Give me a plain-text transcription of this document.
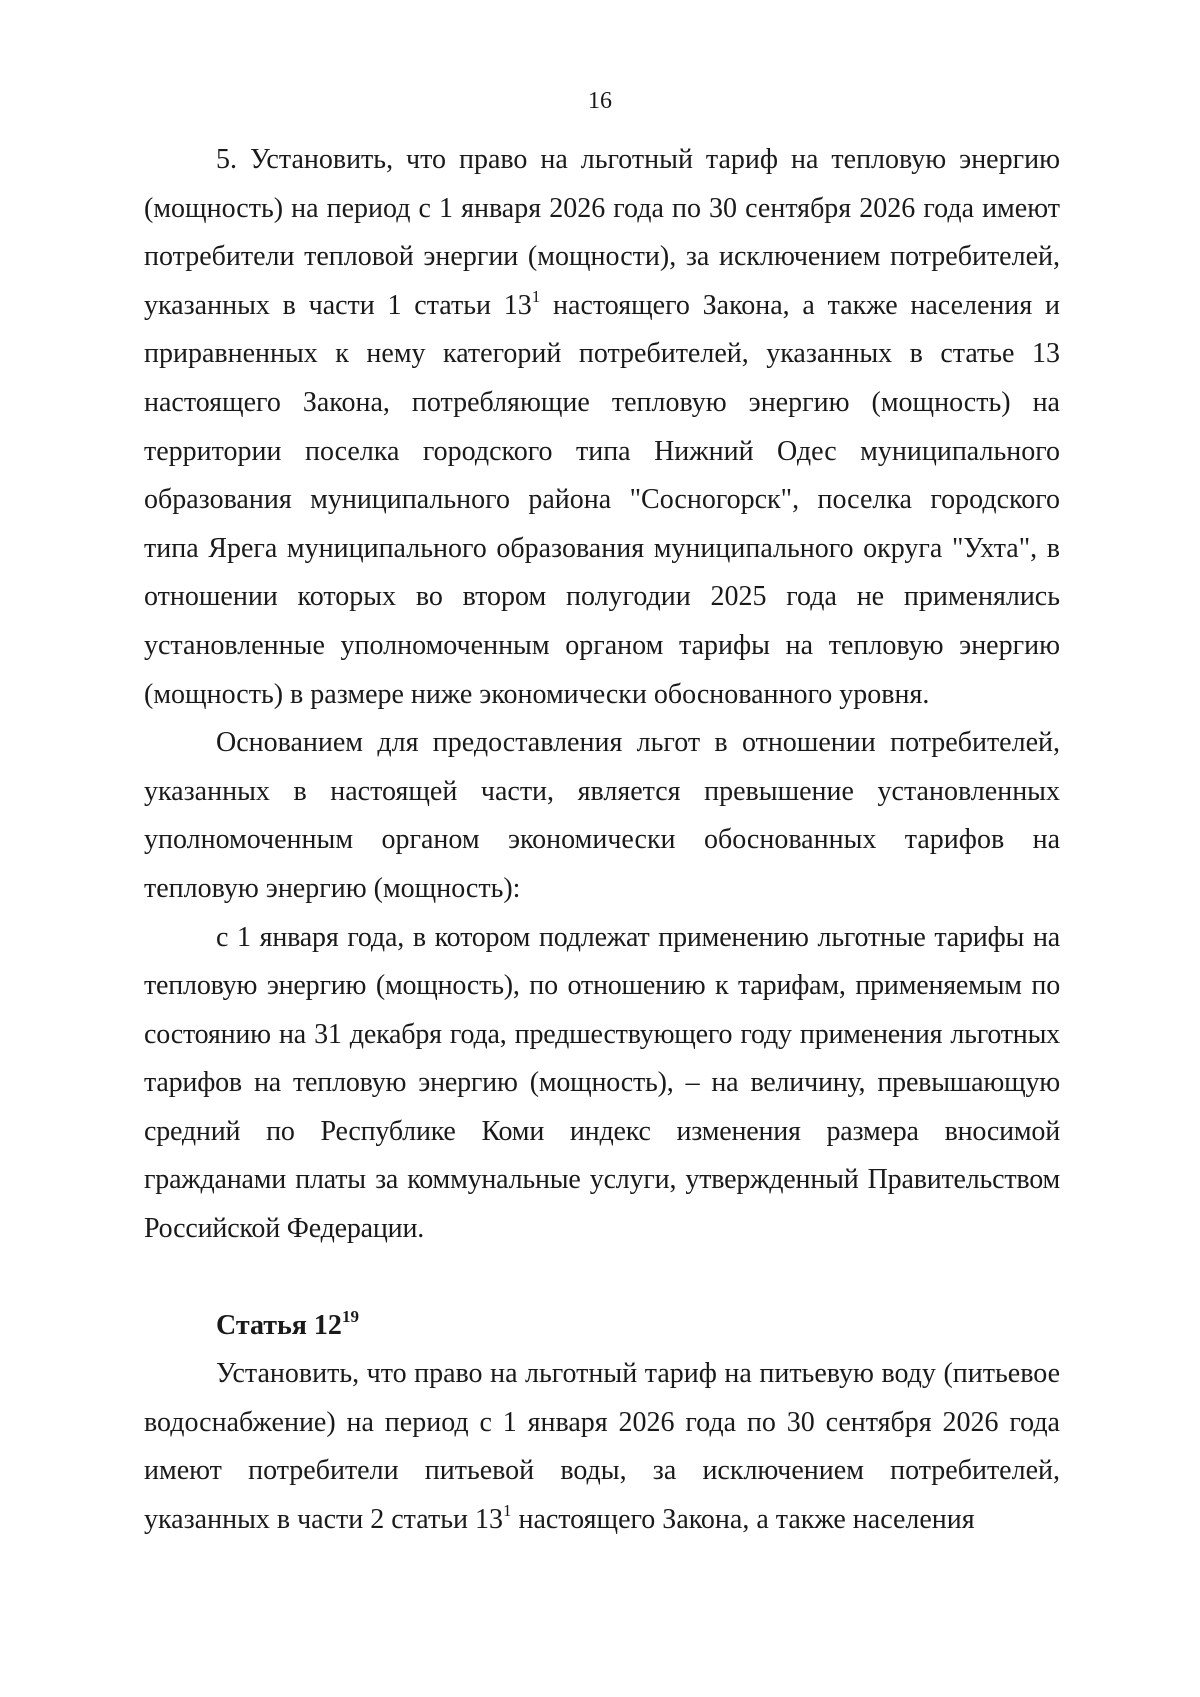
16

5. Установить, что право на льготный тариф на тепловую энергию (мощность) на период с 1 января 2026 года по 30 сентября 2026 года имеют потребители тепловой энергии (мощности), за исключением потребителей, указанных в части 1 статьи $13^1$ настоящего Закона, а также населения и приравненных к нему категорий потребителей, указанных в статье 13 настоящего Закона, потребляющие тепловую энергию (мощность) на территории поселка городского типа Нижний Одес муниципального образования муниципального района "Сосногорск", поселка городского типа Ярега муниципального образования муниципального округа "Ухта", в отношении которых во втором полугодии 2025 года не применялись установленные уполномоченным органом тарифы на тепловую энергию (мощность) в размере ниже экономически обоснованного уровня.

Основанием для предоставления льгот в отношении потребителей, указанных в настоящей части, является превышение установленных уполномоченным органом экономически обоснованных тарифов на тепловую энергию (мощность):

с 1 января года, в котором подлежат применению льготные тарифы на тепловую энергию (мощность), по отношению к тарифам, применяемым по состоянию на 31 декабря года, предшествующего году применения льготных тарифов на тепловую энергию (мощность), – на величину, превышающую средний по Республике Коми индекс изменения размера вносимой гражданами платы за коммунальные услуги, утвержденный Правительством Российской Федерации.

Статья $12^{19}$

Установить, что право на льготный тариф на питьевую воду (питьевое водоснабжение) на период с 1 января 2026 года по 30 сентября 2026 года имеют потребители питьевой воды, за исключением потребителей, указанных в части 2 статьи $13^1$ настоящего Закона, а также населения
